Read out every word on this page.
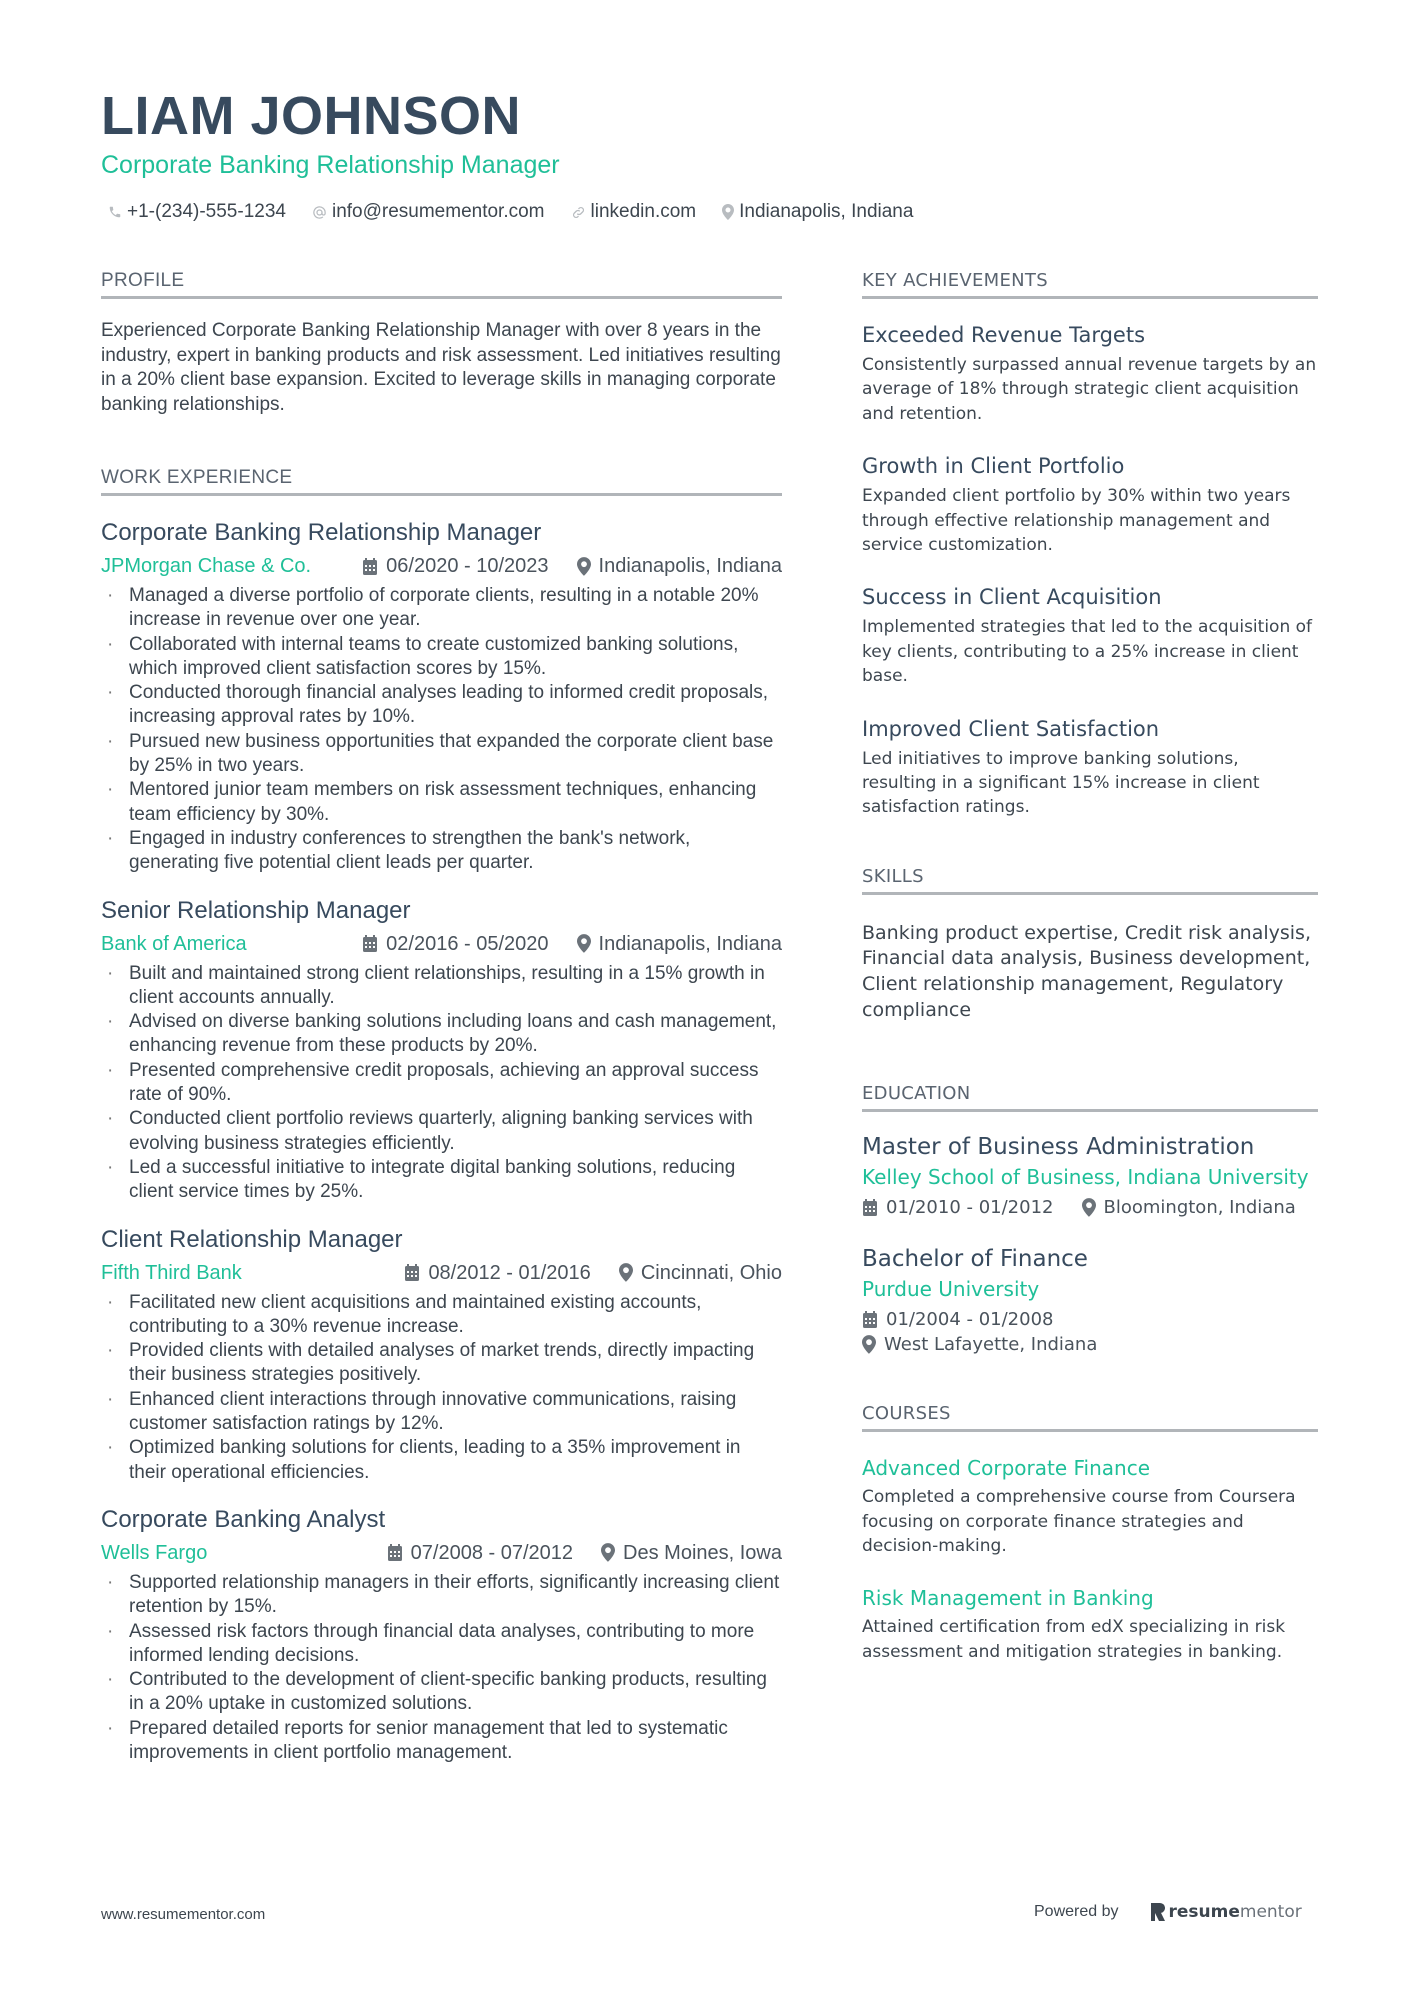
LIAM JOHNSON
Corporate Banking Relationship Manager
+1-(234)-555-1234 info@resumementor.com linkedin.com Indianapolis, Indiana
PROFILE
Experienced Corporate Banking Relationship Manager with over 8 years in the industry, expert in banking products and risk assessment. Led initiatives resulting in a 20% client base expansion. Excited to leverage skills in managing corporate banking relationships.
WORK EXPERIENCE
Corporate Banking Relationship Manager
JPMorgan Chase & Co.	06/2020 - 10/2023	Indianapolis, Indiana
· Managed a diverse portfolio of corporate clients, resulting in a notable 20% increase in revenue over one year.
· Collaborated with internal teams to create customized banking solutions, which improved client satisfaction scores by 15%.
· Conducted thorough financial analyses leading to informed credit proposals, increasing approval rates by 10%.
· Pursued new business opportunities that expanded the corporate client base by 25% in two years.
· Mentored junior team members on risk assessment techniques, enhancing team efficiency by 30%.
· Engaged in industry conferences to strengthen the bank's network, generating five potential client leads per quarter.
Senior Relationship Manager
Bank of America	02/2016 - 05/2020	Indianapolis, Indiana
· Built and maintained strong client relationships, resulting in a 15% growth in client accounts annually.
· Advised on diverse banking solutions including loans and cash management, enhancing revenue from these products by 20%.
· Presented comprehensive credit proposals, achieving an approval success rate of 90%.
· Conducted client portfolio reviews quarterly, aligning banking services with evolving business strategies efficiently.
· Led a successful initiative to integrate digital banking solutions, reducing client service times by 25%.
Client Relationship Manager
Fifth Third Bank	08/2012 - 01/2016	Cincinnati, Ohio
· Facilitated new client acquisitions and maintained existing accounts, contributing to a 30% revenue increase.
· Provided clients with detailed analyses of market trends, directly impacting their business strategies positively.
· Enhanced client interactions through innovative communications, raising customer satisfaction ratings by 12%.
· Optimized banking solutions for clients, leading to a 35% improvement in their operational efficiencies.
Corporate Banking Analyst
Wells Fargo	07/2008 - 07/2012	Des Moines, Iowa
· Supported relationship managers in their efforts, significantly increasing client retention by 15%.
· Assessed risk factors through financial data analyses, contributing to more informed lending decisions.
· Contributed to the development of client-specific banking products, resulting in a 20% uptake in customized solutions.
· Prepared detailed reports for senior management that led to systematic improvements in client portfolio management.
KEY ACHIEVEMENTS
Exceeded Revenue Targets
Consistently surpassed annual revenue targets by an average of 18% through strategic client acquisition and retention.
Growth in Client Portfolio
Expanded client portfolio by 30% within two years through effective relationship management and service customization.
Success in Client Acquisition
Implemented strategies that led to the acquisition of key clients, contributing to a 25% increase in client base.
Improved Client Satisfaction
Led initiatives to improve banking solutions, resulting in a significant 15% increase in client satisfaction ratings.
SKILLS
Banking product expertise, Credit risk analysis, Financial data analysis, Business development, Client relationship management, Regulatory compliance
EDUCATION
Master of Business Administration
Kelley School of Business, Indiana University
01/2010 - 01/2012	Bloomington, Indiana
Bachelor of Finance
Purdue University
01/2004 - 01/2008
West Lafayette, Indiana
COURSES
Advanced Corporate Finance
Completed a comprehensive course from Coursera focusing on corporate finance strategies and decision-making.
Risk Management in Banking
Attained certification from edX specializing in risk assessment and mitigation strategies in banking.
www.resumementor.com	Powered by	resume mentor
